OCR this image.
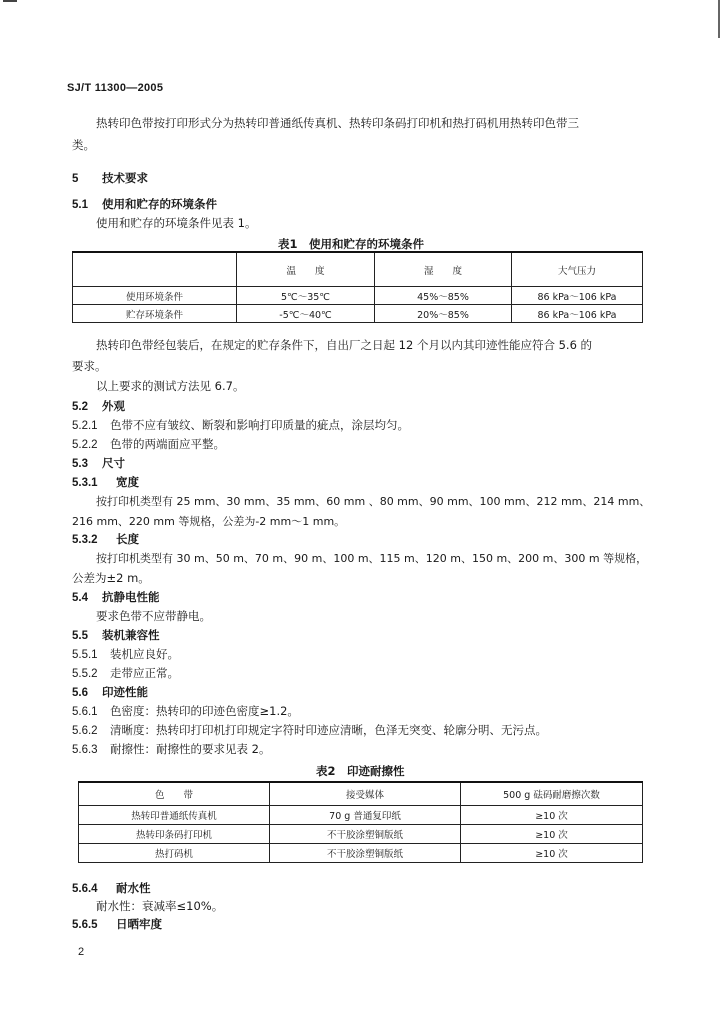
SJ/T 11300—2005
热转印色带按打印形式分为热转印普通纸传真机、热转印条码打印机和热打码机用热转印色带三
类。
5 技术要求
5.1 使用和贮存的环境条件
使用和贮存的环境条件见表 1。
表1　使用和贮存的环境条件
	温　　度	湿　　度	大气压力
使用环境条件	5℃～35℃	45%～85%	86 kPa～106 kPa
贮存环境条件	-5℃～40℃	20%～85%	86 kPa～106 kPa
热转印色带经包装后，在规定的贮存条件下，自出厂之日起 12 个月以内其印迹性能应符合 5.6 的
要求。
以上要求的测试方法见 6.7。
5.2 外观
5.2.1 色带不应有皱纹、断裂和影响打印质量的疵点，涂层均匀。
5.2.2 色带的两端面应平整。
5.3 尺寸
5.3.1 宽度
按打印机类型有 25 mm、30 mm、35 mm、60 mm 、80 mm、90 mm、100 mm、212 mm、214 mm、
216 mm、220 mm 等规格，公差为-2 mm～1 mm。
5.3.2 长度
按打印机类型有 30 m、50 m、70 m、90 m、100 m、115 m、120 m、150 m、200 m、300 m 等规格，
公差为±2 m。
5.4 抗静电性能
要求色带不应带静电。
5.5 装机兼容性
5.5.1 装机应良好。
5.5.2 走带应正常。
5.6 印迹性能
5.6.1 色密度：热转印的印迹色密度≥1.2。
5.6.2 清晰度：热转印打印机打印规定字符时印迹应清晰，色泽无突变、轮廓分明、无污点。
5.6.3 耐擦性：耐擦性的要求见表 2。
表2　印迹耐擦性
色　　带	接受媒体	500 g 砝码耐磨擦次数
热转印普通纸传真机	70 g 普通复印纸	≥10 次
热转印条码打印机	不干胶涂塑铜版纸	≥10 次
热打码机	不干胶涂塑铜版纸	≥10 次
5.6.4 耐水性
耐水性：衰减率≤10%。
5.6.5 日晒牢度
2
